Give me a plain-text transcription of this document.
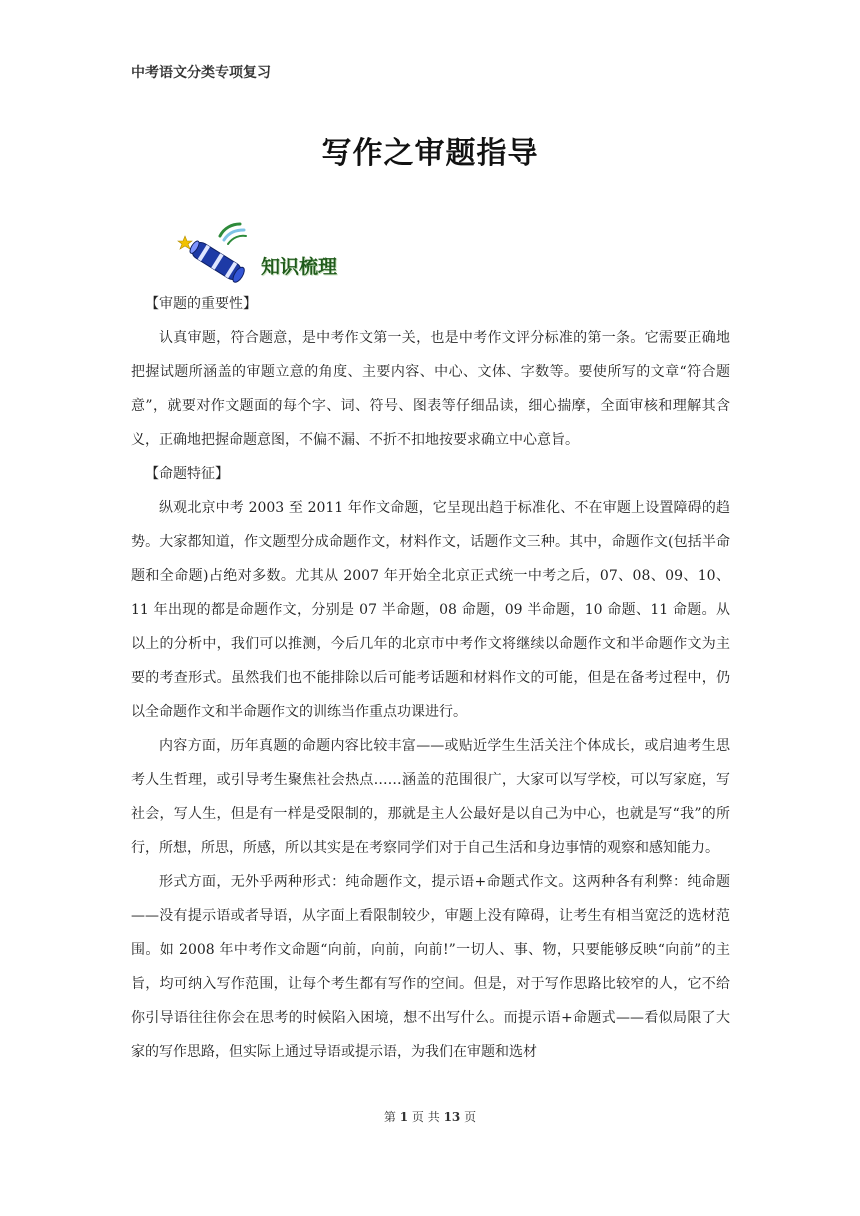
中考语文分类专项复习
写作之审题指导
知识梳理

【审题的重要性】

认真审题，符合题意，是中考作文第一关，也是中考作文评分标准的第一条。它需要正确地把握试题所涵盖的审题立意的角度、主要内容、中心、文体、字数等。要使所写的文章“符合题意”，就要对作文题面的每个字、词、符号、图表等仔细品读，细心揣摩，全面审核和理解其含义，正确地把握命题意图，不偏不漏、不折不扣地按要求确立中心意旨。

【命题特征】

纵观北京中考 2003 至 2011 年作文命题，它呈现出趋于标准化、不在审题上设置障碍的趋势。大家都知道，作文题型分成命题作文，材料作文，话题作文三种。其中，命题作文(包括半命题和全命题)占绝对多数。尤其从 2007 年开始全北京正式统一中考之后，07、08、09、10、11 年出现的都是命题作文，分别是 07 半命题，08 命题，09 半命题，10 命题、11 命题。从以上的分析中，我们可以推测，今后几年的北京市中考作文将继续以命题作文和半命题作文为主要的考查形式。虽然我们也不能排除以后可能考话题和材料作文的可能，但是在备考过程中，仍以全命题作文和半命题作文的训练当作重点功课进行。

内容方面，历年真题的命题内容比较丰富——或贴近学生生活关注个体成长，或启迪考生思考人生哲理，或引导考生聚焦社会热点……涵盖的范围很广，大家可以写学校，可以写家庭，写社会，写人生，但是有一样是受限制的，那就是主人公最好是以自己为中心，也就是写“我”的所行，所想，所思，所感，所以其实是在考察同学们对于自己生活和身边事情的观察和感知能力。

形式方面，无外乎两种形式：纯命题作文，提示语+命题式作文。这两种各有利弊：纯命题——没有提示语或者导语，从字面上看限制较少，审题上没有障碍，让考生有相当宽泛的选材范围。如 2008 年中考作文命题“向前，向前，向前!”一切人、事、物，只要能够反映“向前”的主旨，均可纳入写作范围，让每个考生都有写作的空间。但是，对于写作思路比较窄的人，它不给你引导语往往你会在思考的时候陷入困境，想不出写什么。而提示语+命题式——看似局限了大家的写作思路，但实际上通过导语或提示语，为我们在审题和选材

第 1 页 共 13 页
